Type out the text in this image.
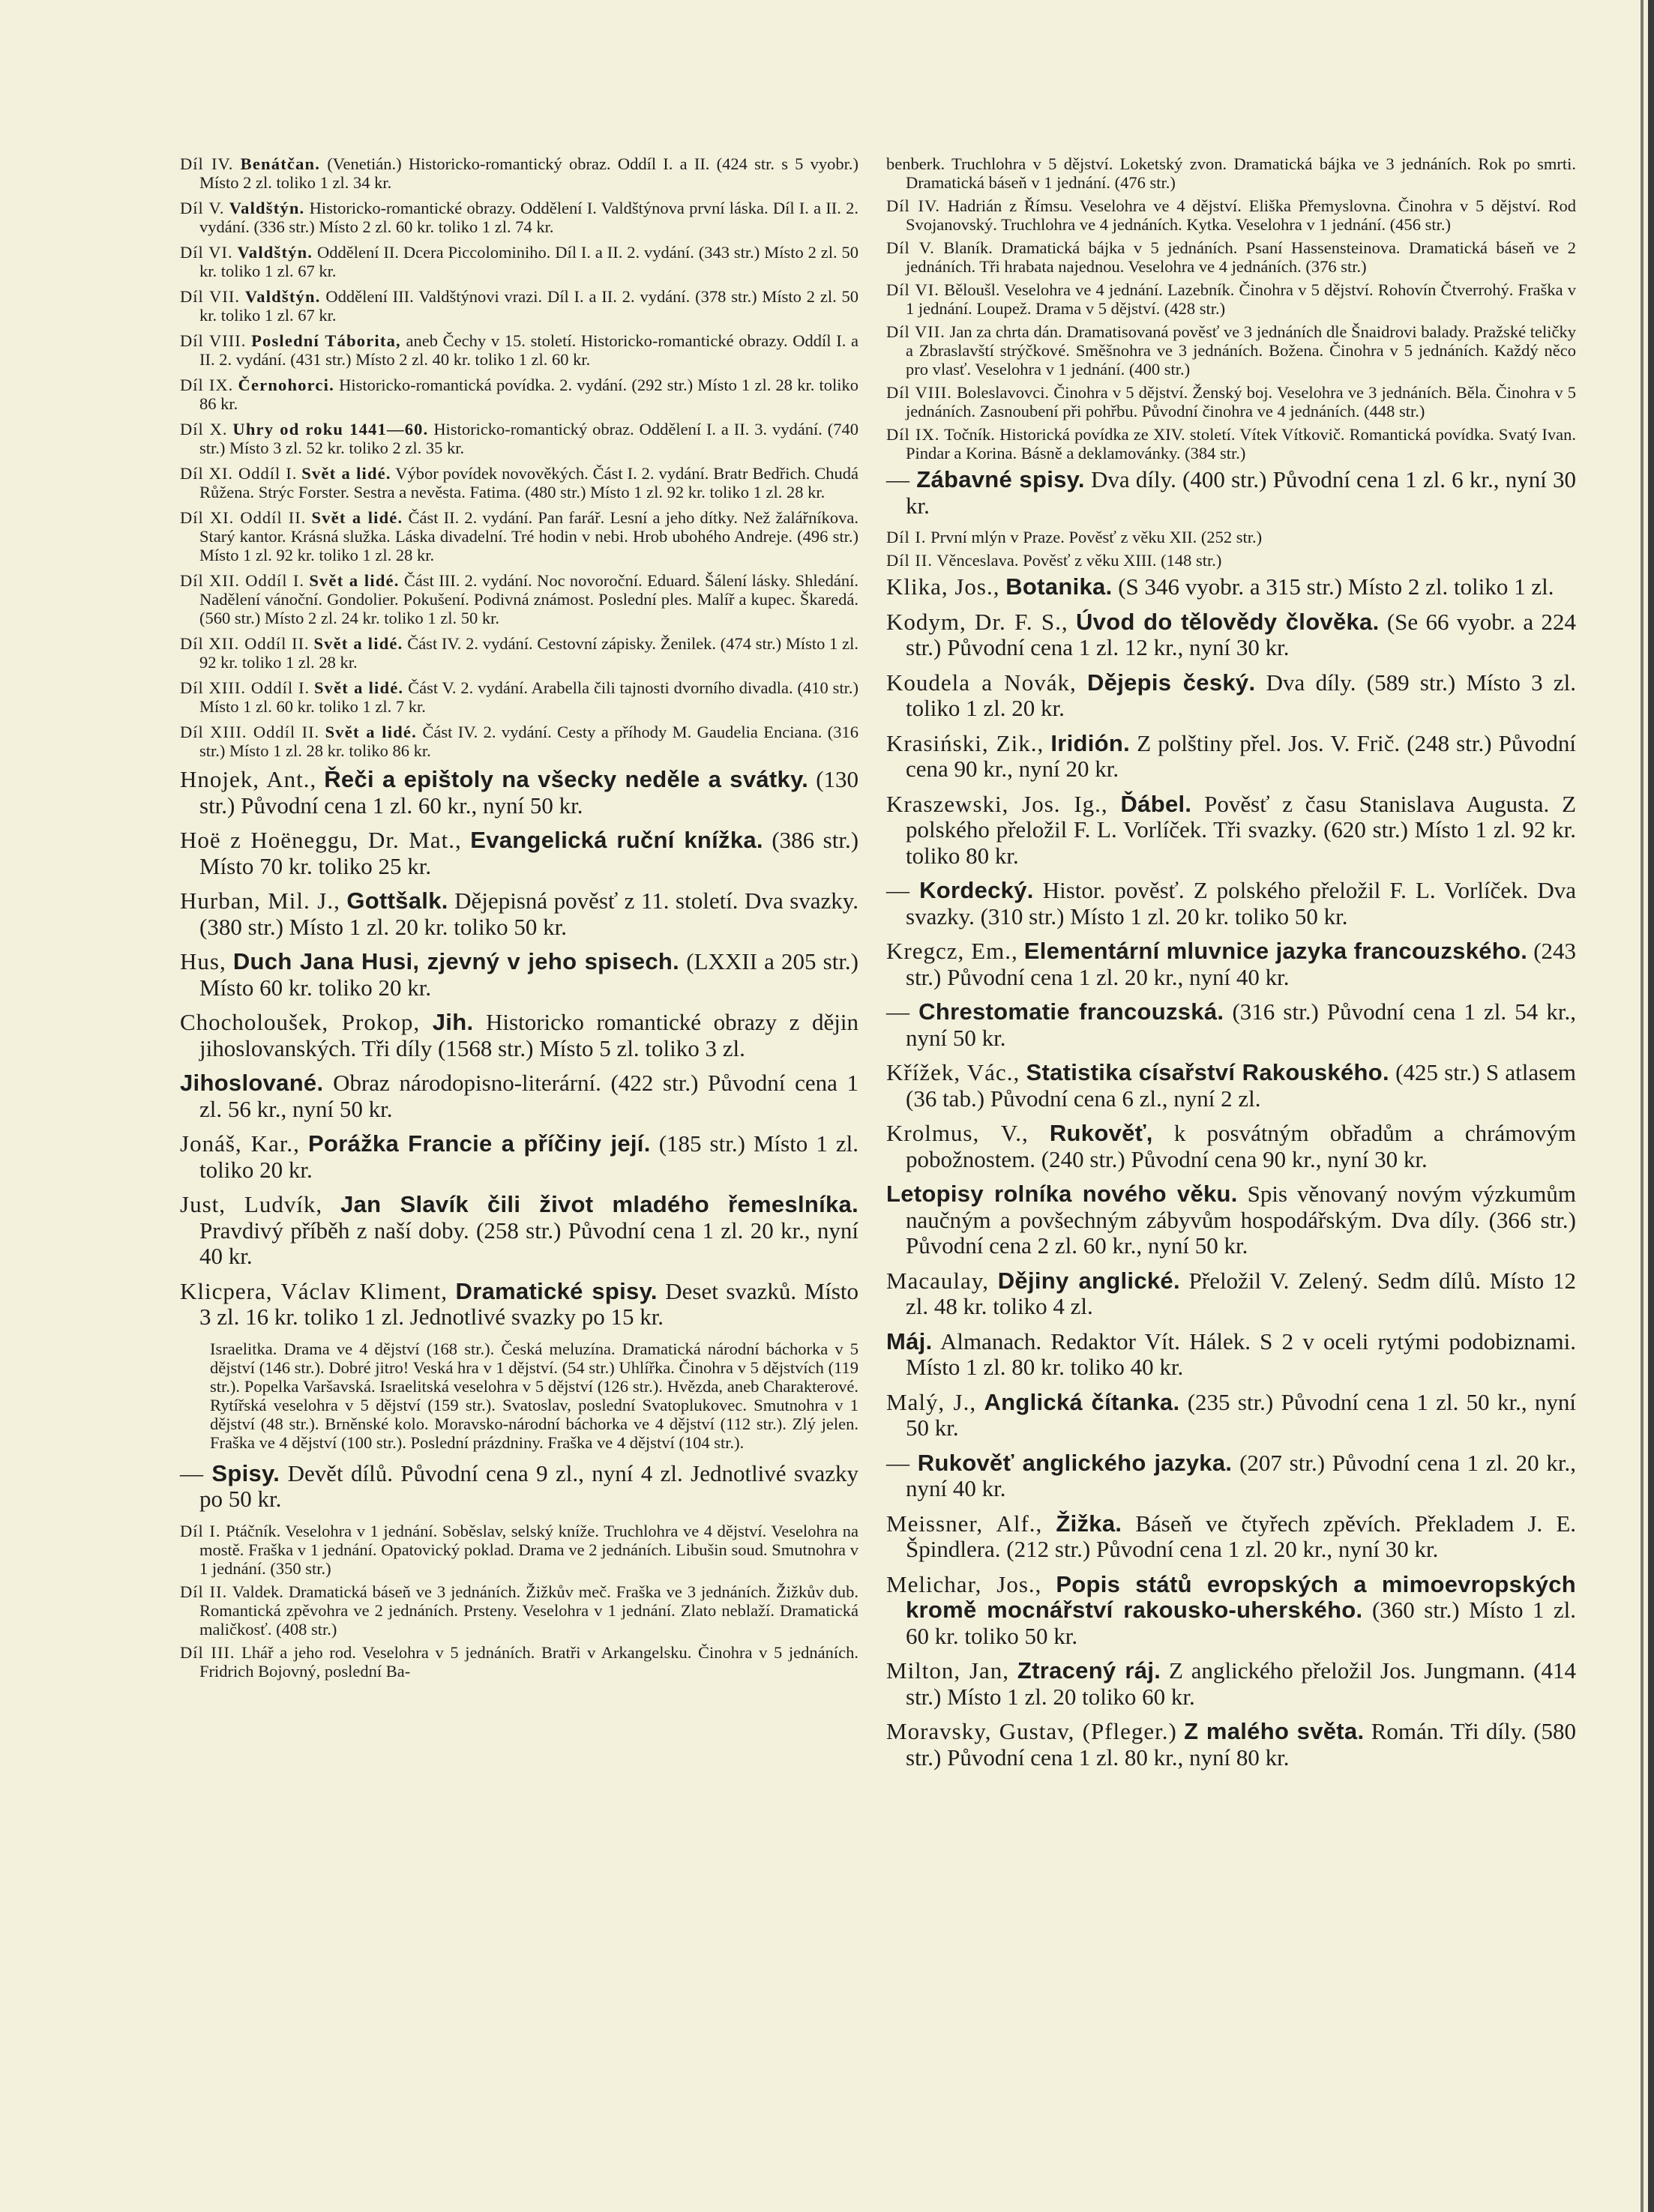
Díl IV. Benátčan. (Venetián.) Historicko-romantický obraz. Oddíl I. a II. (424 str. s 5 vyobr.) Místo 2 zl. toliko 1 zl. 34 kr.
Díl V. Valdštýn. Historicko-romantické obrazy. Oddělení I. Valdštýnova první láska. Díl I. a II. 2. vydání. (336 str.) Místo 2 zl. 60 kr. toliko 1 zl. 74 kr.
Díl VI. Valdštýn. Oddělení II. Dcera Piccolominiho. Díl I. a II. 2. vydání. (343 str.) Místo 2 zl. 50 kr. toliko 1 zl. 67 kr.
Díl VII. Valdštýn. Oddělení III. Valdštýnovi vrazi. Díl I. a II. 2. vydání. (378 str.) Místo 2 zl. 50 kr. toliko 1 zl. 67 kr.
Díl VIII. Poslední Táborita, aneb Čechy v 15. století. Historicko-romantické obrazy. Oddíl I. a II. 2. vydání. (431 str.) Místo 2 zl. 40 kr. toliko 1 zl. 60 kr.
Díl IX. Černohorci. Historicko-romantická povídka. 2. vydání. (292 str.) Místo 1 zl. 28 kr. toliko 86 kr.
Díl X. Uhry od roku 1441—60. Historicko-romantický obraz. Oddělení I. a II. 3. vydání. (740 str.) Místo 3 zl. 52 kr. toliko 2 zl. 35 kr.
Díl XI. Oddíl I. Svět a lidé. Výbor povídek novověkých. Část I. 2. vydání. Bratr Bedřich. Chudá Růžena. Strýc Forster. Sestra a nevěsta. Fatima. (480 str.) Místo 1 zl. 92 kr. toliko 1 zl. 28 kr.
Díl XI. Oddíl II. Svět a lidé. Část II. 2. vydání. Pan farář. Lesní a jeho dítky. Než žalářníkova. Starý kantor. Krásná služka. Láska divadelní. Tré hodin v nebi. Hrob ubohého Andreje. (496 str.) Místo 1 zl. 92 kr. toliko 1 zl. 28 kr.
Díl XII. Oddíl I. Svět a lidé. Část III. 2. vydání. Noc novoroční. Eduard. Šálení lásky. Shledání. Nadělení vánoční. Gondolier. Pokušení. Podivná známost. Poslední ples. Malíř a kupec. Škaredá. (560 str.) Místo 2 zl. 24 kr. toliko 1 zl. 50 kr.
Díl XII. Oddíl II. Svět a lidé. Část IV. 2. vydání. Cestovní zápisky. Ženilek. (474 str.) Místo 1 zl. 92 kr. toliko 1 zl. 28 kr.
Díl XIII. Oddíl I. Svět a lidé. Část V. 2. vydání. Arabella čili tajnosti dvorního divadla. (410 str.) Místo 1 zl. 60 kr. toliko 1 zl. 7 kr.
Díl XIII. Oddíl II. Svět a lidé. Část IV. 2. vydání. Cesty a příhody M. Gaudelia Enciana. (316 str.) Místo 1 zl. 28 kr. toliko 86 kr.
Hnojek, Ant., Řeči a epištoly na všecky neděle a svátky. (130 str.) Původní cena 1 zl. 60 kr., nyní 50 kr.
Hoë z Hoëneggu, Dr. Mat., Evangelická ruční knížka. (386 str.) Místo 70 kr. toliko 25 kr.
Hurban, Mil. J., Gottšalk. Dějepisná pověsť z 11. století. Dva svazky. (380 str.) Místo 1 zl. 20 kr. toliko 50 kr.
Hus, Duch Jana Husi, zjevný v jeho spisech. (LXXII a 205 str.) Místo 60 kr. toliko 20 kr.
Chocholoušek, Prokop, Jih. Historicko romantické obrazy z dějin jihoslovanských. Tři díly (1568 str.) Místo 5 zl. toliko 3 zl.
Jihoslované. Obraz národopisno-literární. (422 str.) Původní cena 1 zl. 56 kr., nyní 50 kr.
Jonáš, Kar., Porážka Francie a příčiny její. (185 str.) Místo 1 zl. toliko 20 kr.
Just, Ludvík, Jan Slavík čili život mladého řemeslníka. Pravdivý příběh z naší doby. (258 str.) Původní cena 1 zl. 20 kr., nyní 40 kr.
Klicpera, Václav Kliment, Dramatické spisy. Deset svazků. Místo 3 zl. 16 kr. toliko 1 zl. Jednotlivé svazky po 15 kr.
Israelitka. Drama ve 4 dějství (168 str.). Česká meluzína. Dramatická národní báchorka v 5 dějství (146 str.). Dobré jitro! Veská hra v 1 dějství. (54 str.) Uhlířka. Činohra v 5 dějstvích (119 str.). Popelka Varšavská. Israelitská veselohra v 5 dějství (126 str.). Hvězda, aneb Charakterové. Rytířská veselohra v 5 dějství (159 str.). Svatoslav, poslední Svatoplukovec. Smutnohra v 1 dějství (48 str.). Brněnské kolo. Moravsko-národní báchorka ve 4 dějství (112 str.). Zlý jelen. Fraška ve 4 dějství (100 str.). Poslední prázdniny. Fraška ve 4 dějství (104 str.).
— Spisy. Devět dílů. Původní cena 9 zl., nyní 4 zl. Jednotlivé svazky po 50 kr.
Díl I. Ptáčník. Veselohra v 1 jednání. Soběslav, selský kníže. Truchlohra ve 4 dějství. Veselohra na mostě. Fraška v 1 jednání. Opatovický poklad. Drama ve 2 jednáních. Libušin soud. Smutnohra v 1 jednání. (350 str.)
Díl II. Valdek. Dramatická báseň ve 3 jednáních. Žižkův meč. Fraška ve 3 jednáních. Žižkův dub. Romantická zpěvohra ve 2 jednáních. Prsteny. Veselohra v 1 jednání. Zlato neblaží. Dramatická maličkosť. (408 str.)
Díl III. Lhář a jeho rod. Veselohra v 5 jednáních. Bratři v Arkangelsku. Činohra v 5 jednáních. Fridrich Bojovný, poslední Ba-
benberk. Truchlohra v 5 dějství. Loketský zvon. Dramatická bájka ve 3 jednáních. Rok po smrti. Dramatická báseň v 1 jednání. (476 str.)
Díl IV. Hadrián z Římsu. Veselohra ve 4 dějství. Eliška Přemyslovna. Činohra v 5 dějství. Rod Svojanovský. Truchlohra ve 4 jednáních. Kytka. Veselohra v 1 jednání. (456 str.)
Díl V. Blaník. Dramatická bájka v 5 jednáních. Psaní Hassensteinova. Dramatická báseň ve 2 jednáních. Tři hrabata najednou. Veselohra ve 4 jednáních. (376 str.)
Díl VI. Běloušl. Veselohra ve 4 jednání. Lazebník. Činohra v 5 dějství. Rohovín Čtverrohý. Fraška v 1 jednání. Loupež. Drama v 5 dějství. (428 str.)
Díl VII. Jan za chrta dán. Dramatisovaná pověsť ve 3 jednáních dle Šnaidrovi balady. Pražské teličky a Zbraslavští strýčkové. Směšnohra ve 3 jednáních. Božena. Činohra v 5 jednáních. Každý něco pro vlasť. Veselohra v 1 jednání. (400 str.)
Díl VIII. Boleslavovci. Činohra v 5 dějství. Ženský boj. Veselohra ve 3 jednáních. Běla. Činohra v 5 jednáních. Zasnoubení při pohřbu. Původní činohra ve 4 jednáních. (448 str.)
Díl IX. Točník. Historická povídka ze XIV. století. Vítek Vítkovič. Romantická povídka. Svatý Ivan. Pindar a Korina. Básně a deklamovánky. (384 str.)
— Zábavné spisy. Dva díly. (400 str.) Původní cena 1 zl. 6 kr., nyní 30 kr.
Díl I. První mlýn v Praze. Pověsť z věku XII. (252 str.)
Díl II. Věnceslava. Pověsť z věku XIII. (148 str.)
Klika, Jos., Botanika. (S 346 vyobr. a 315 str.) Místo 2 zl. toliko 1 zl.
Kodym, Dr. F. S., Úvod do tělovědy člověka. (Se 66 vyobr. a 224 str.) Původní cena 1 zl. 12 kr., nyní 30 kr.
Koudela a Novák, Dějepis český. Dva díly. (589 str.) Místo 3 zl. toliko 1 zl. 20 kr.
Krasiński, Zik., Iridión. Z polštiny přel. Jos. V. Frič. (248 str.) Původní cena 90 kr., nyní 20 kr.
Kraszewski, Jos. Ig., Ďábel. Pověsť z času Stanislava Augusta. Z polského přeložil F. L. Vorlíček. Tři svazky. (620 str.) Místo 1 zl. 92 kr. toliko 80 kr.
— Kordecký. Histor. pověsť. Z polského přeložil F. L. Vorlíček. Dva svazky. (310 str.) Místo 1 zl. 20 kr. toliko 50 kr.
Kregcz, Em., Elementární mluvnice jazyka francouzského. (243 str.) Původní cena 1 zl. 20 kr., nyní 40 kr.
— Chrestomatie francouzská. (316 str.) Původní cena 1 zl. 54 kr., nyní 50 kr.
Křížek, Vác., Statistika císařství Rakouského. (425 str.) S atlasem (36 tab.) Původní cena 6 zl., nyní 2 zl.
Krolmus, V., Rukověť, k posvátným obřadům a chrámovým pobožnostem. (240 str.) Původní cena 90 kr., nyní 30 kr.
Letopisy rolníka nového věku. Spis věnovaný novým výzkumům naučným a povšechným zábyvům hospodářským. Dva díly. (366 str.) Původní cena 2 zl. 60 kr., nyní 50 kr.
Macaulay, Dějiny anglické. Přeložil V. Zelený. Sedm dílů. Místo 12 zl. 48 kr. toliko 4 zl.
Máj. Almanach. Redaktor Vít. Hálek. S 2 v oceli rytými podobiznami. Místo 1 zl. 80 kr. toliko 40 kr.
Malý, J., Anglická čítanka. (235 str.) Původní cena 1 zl. 50 kr., nyní 50 kr.
— Rukověť anglického jazyka. (207 str.) Původní cena 1 zl. 20 kr., nyní 40 kr.
Meissner, Alf., Žižka. Báseň ve čtyřech zpěvích. Překladem J. E. Špindlera. (212 str.) Původní cena 1 zl. 20 kr., nyní 30 kr.
Melichar, Jos., Popis států evropských a mimoevropských kromě mocnářství rakousko-uherského. (360 str.) Místo 1 zl. 60 kr. toliko 50 kr.
Milton, Jan, Ztracený ráj. Z anglického přeložil Jos. Jungmann. (414 str.) Místo 1 zl. 20 toliko 60 kr.
Moravsky, Gustav, (Pfleger.) Z malého světa. Román. Tři díly. (580 str.) Původní cena 1 zl. 80 kr., nyní 80 kr.
